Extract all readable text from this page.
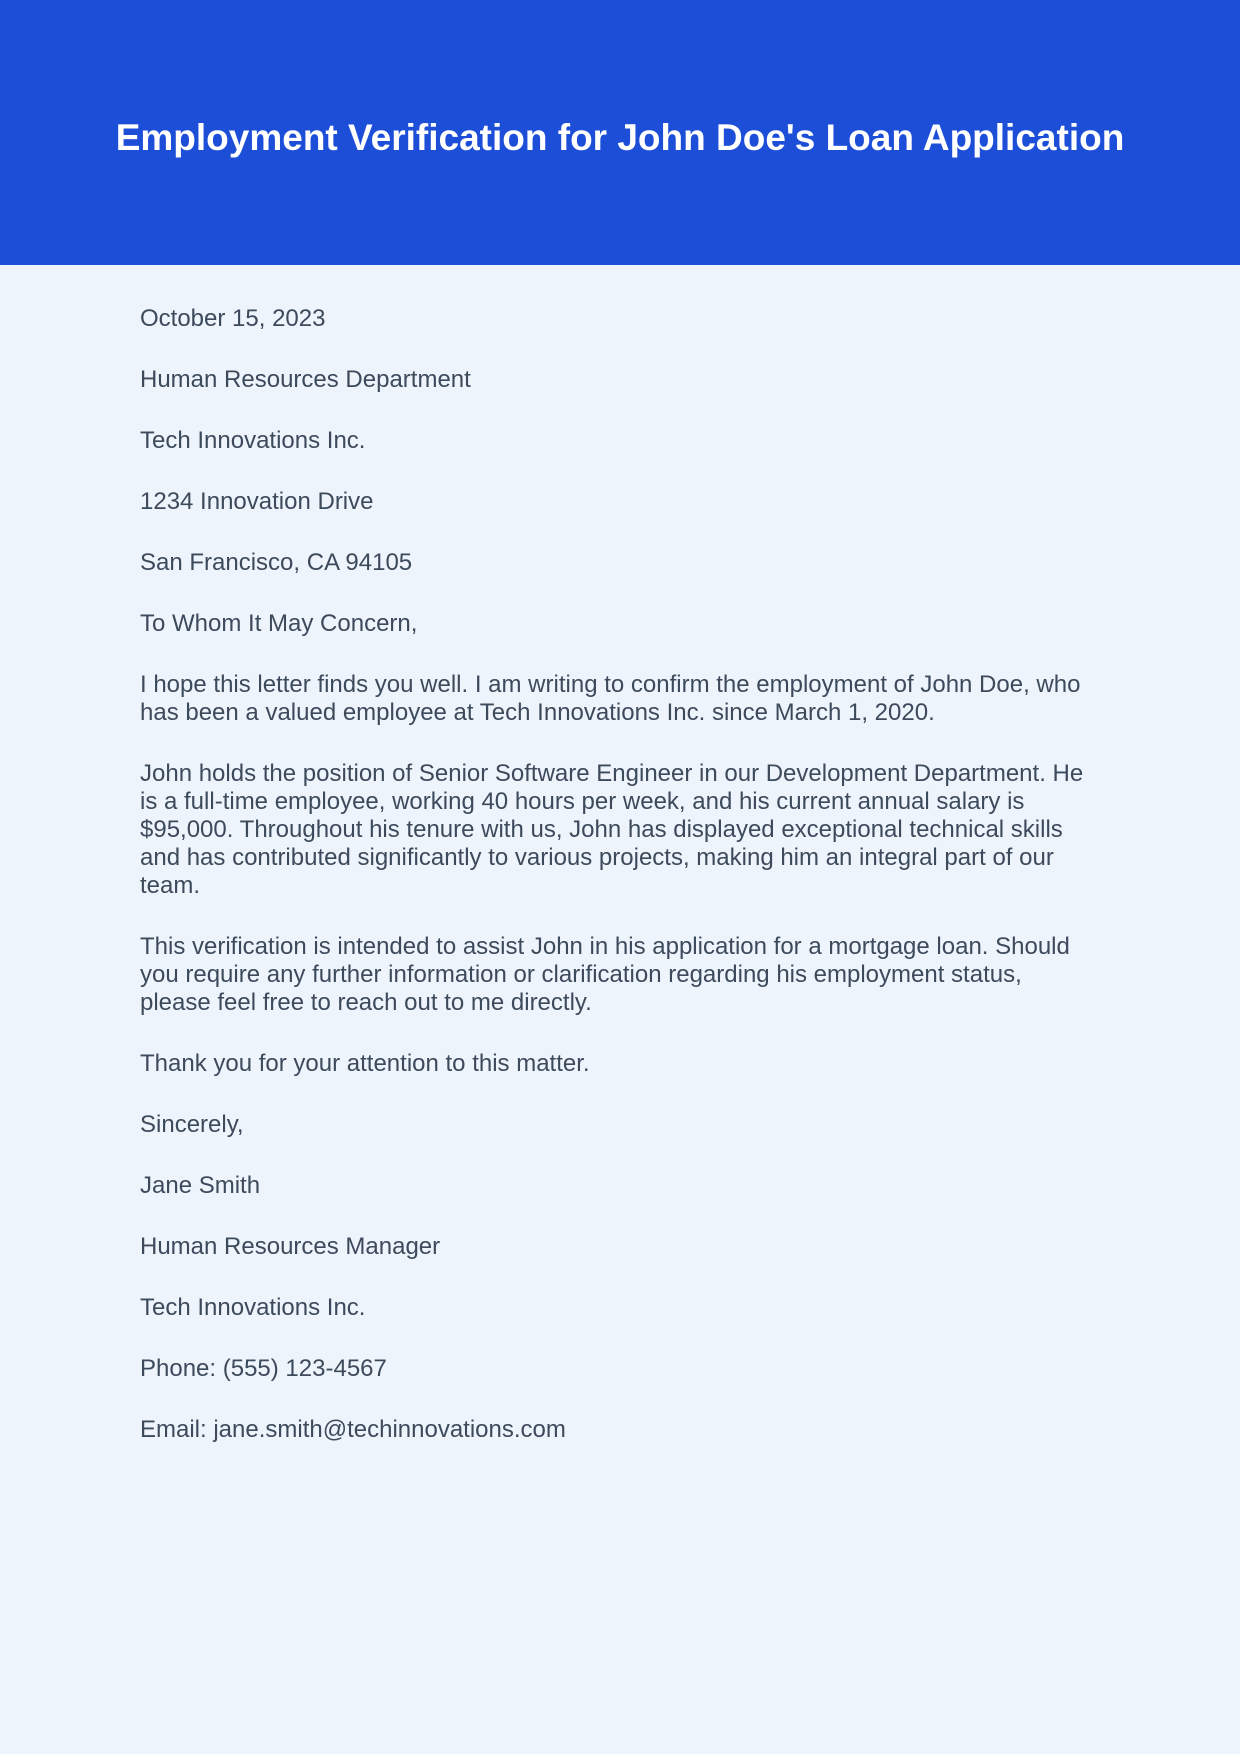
Employment Verification for John Doe's Loan Application

October 15, 2023

Human Resources Department

Tech Innovations Inc.

1234 Innovation Drive

San Francisco, CA 94105

To Whom It May Concern,

I hope this letter finds you well. I am writing to confirm the employment of John Doe, who has been a valued employee at Tech Innovations Inc. since March 1, 2020.

John holds the position of Senior Software Engineer in our Development Department. He is a full-time employee, working 40 hours per week, and his current annual salary is $95,000. Throughout his tenure with us, John has displayed exceptional technical skills and has contributed significantly to various projects, making him an integral part of our team.

This verification is intended to assist John in his application for a mortgage loan. Should you require any further information or clarification regarding his employment status, please feel free to reach out to me directly.

Thank you for your attention to this matter.

Sincerely,

Jane Smith

Human Resources Manager

Tech Innovations Inc.

Phone: (555) 123-4567

Email: jane.smith@techinnovations.com
